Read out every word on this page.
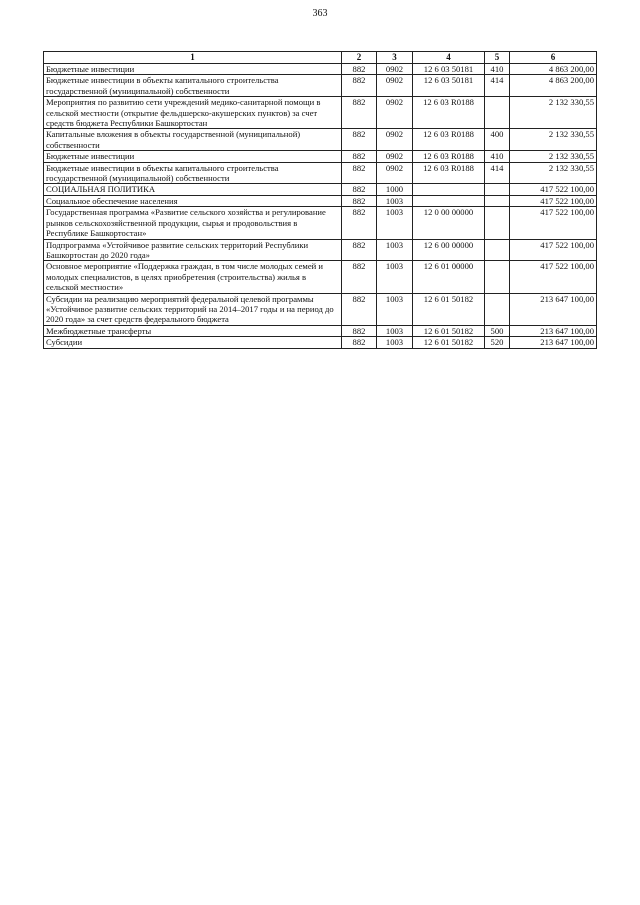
363
1	2	3	4	5	6
Бюджетные инвестиции	882	0902	12 6 03 50181	410	4 863 200,00
Бюджетные инвестиции в объекты капитального строительства государственной (муниципальной) собственности	882	0902	12 6 03 50181	414	4 863 200,00
Мероприятия по развитию сети учреждений медико-санитарной помощи в сельской местности (открытие фельдшерско-акушерских пунктов) за счет средств бюджета Республики Башкортостан	882	0902	12 6 03 R0188		2 132 330,55
Капитальные вложения в объекты государственной (муниципальной) собственности	882	0902	12 6 03 R0188	400	2 132 330,55
Бюджетные инвестиции	882	0902	12 6 03 R0188	410	2 132 330,55
Бюджетные инвестиции в объекты капитального строительства государственной (муниципальной) собственности	882	0902	12 6 03 R0188	414	2 132 330,55
СОЦИАЛЬНАЯ ПОЛИТИКА	882	1000			417 522 100,00
Социальное обеспечение населения	882	1003			417 522 100,00
Государственная программа «Развитие сельского хозяйства и регулирование рынков сельскохозяйственной продукции, сырья и продовольствия в Республике Башкортостан»	882	1003	12 0 00 00000		417 522 100,00
Подпрограмма «Устойчивое развитие сельских территорий Республики Башкортостан до 2020 года»	882	1003	12 6 00 00000		417 522 100,00
Основное мероприятие «Поддержка граждан, в том числе молодых семей и молодых специалистов, в целях приобретения (строительства) жилья в сельской местности»	882	1003	12 6 01 00000		417 522 100,00
Субсидии на реализацию мероприятий федеральной целевой программы «Устойчивое развитие сельских территорий на 2014–2017 годы и на период до 2020 года» за счет средств федерального бюджета	882	1003	12 6 01 50182		213 647 100,00
Межбюджетные трансферты	882	1003	12 6 01 50182	500	213 647 100,00
Субсидии	882	1003	12 6 01 50182	520	213 647 100,00
